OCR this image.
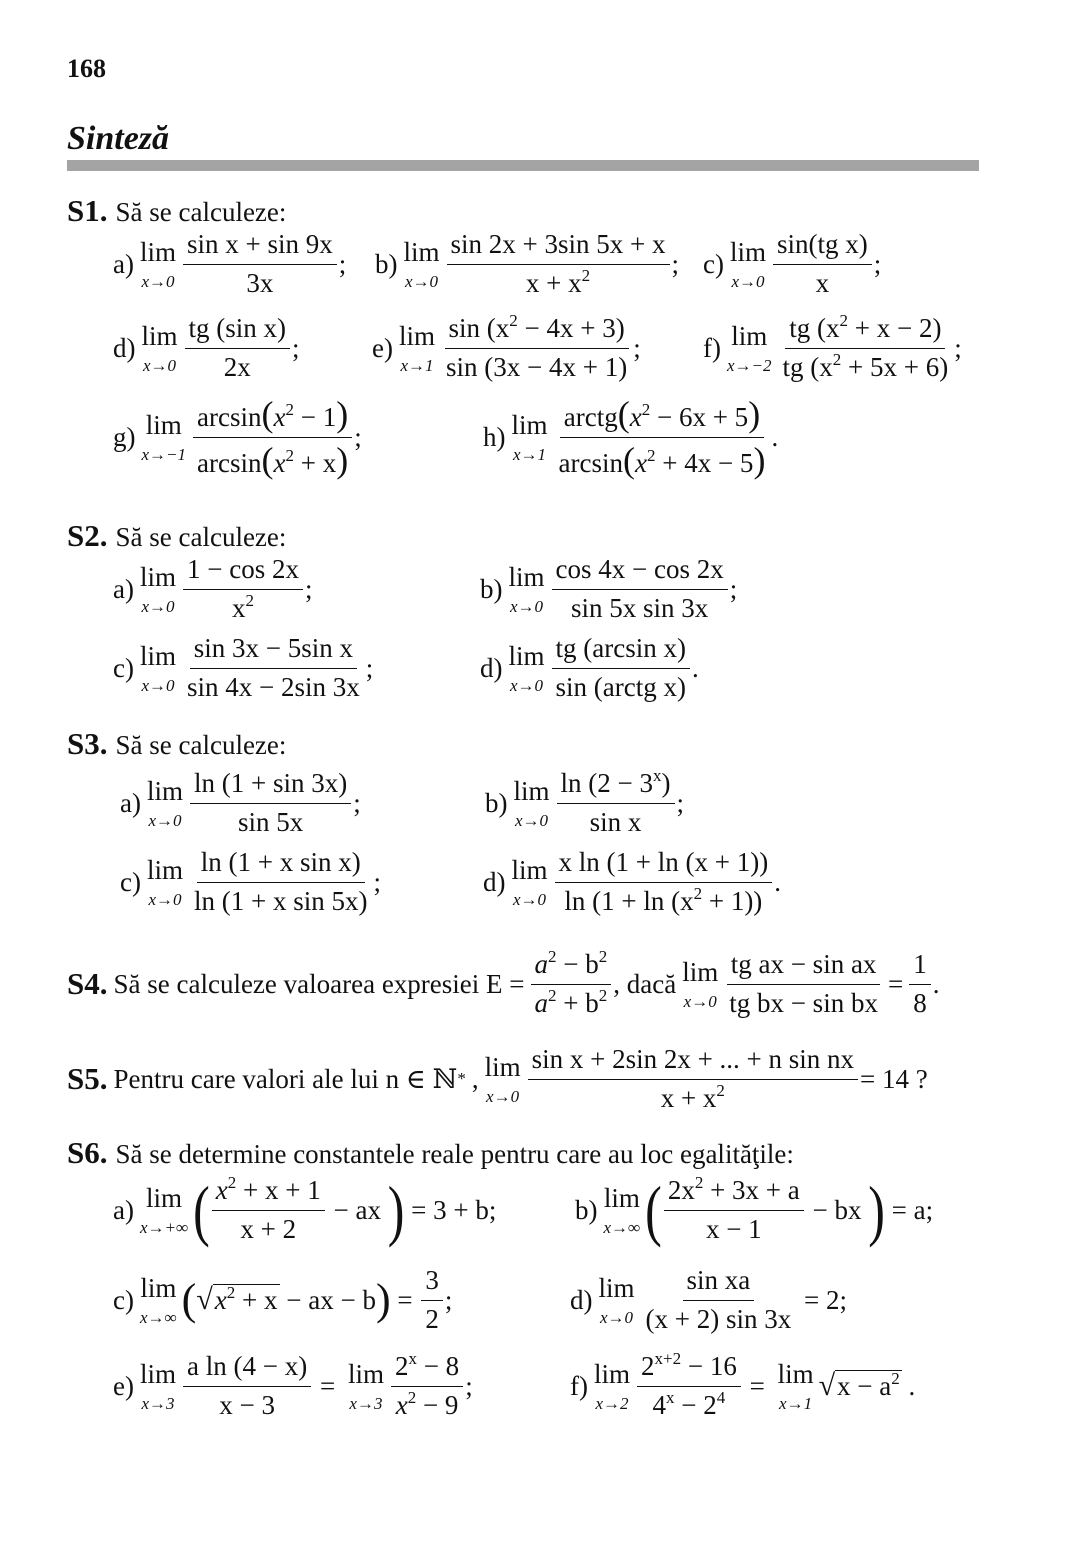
168
Sinteză
S1. Să se calculeze:
a) lim
x→0
sin x + sin 9x
3x
; b) lim
x→0
sin 2x + 3sin 5x + x
$x + x^2$	; c) lim
x→0
sin(tg x)
x
;
d) lim
x→0
tg (sin x)
2x
;	e) lim
x→1
$\sin (x^2 - 4x + 3)$
sin (3x − 4x + 1)
; f) lim
x→−2
tg $(x^2 + x - 2)$
tg $(x^2 + 5x + 6)$
;
g) lim
x→−1
$\arcsin(x^2 - 1)$
$\arcsin(x^2 + x)$
;	h) lim
x→1
$arctg(x^2 - 6x + 5)$
$\arcsin(x^2 + 4x - 5)$
.
S2. Să se calculeze:
a) lim
x→0
1 − cos 2x
$x^2$ ;	b) lim
x→0
cos 4x − cos 2x
sin 5x sin 3x
;
c) lim
x→0
sin 3x − 5sin x
sin 4x − 2sin 3x
;	d) lim
x→0
tg (arcsin x)
sin (arctg x)
.
S3. Să se calculeze:
a) lim
x→0
ln (1 + sin 3x)
sin 5x
;	b) lim
x→0
$\ln (2 - 3^x)$
sin x
;
c) lim
x→0
ln (1 + x sin x)
ln (1 + x sin 5x)
;	d) lim
x→0
x ln (1 + ln (x + 1))
$\ln (1 + \ln (x^2 + 1))$
.
S4. Să se calculeze valoarea expresiei $E = \frac{a^2 - b^2}{a^2 + b^2}$ , dacă lim
$x\to 0 \frac{\text{tg ax − sin ax}}{\text{tg bx − sin bx}} = \frac{1}{8}$ .
S5. Pentru care valori ale lui n ∈ ℕ * , lim
$x\to 0 \frac{\text{sin x + 2sin 2x + ... + n sin nx}}{x + x^2} = 14$ ?
S6. Să se determine constantele reale pentru care au loc egalităţile:
a) lim
x→+∞ ( $x^2 + x + 1$
x + 2
− ax ) = 3 + b;	b) lim
x→∞ ( $2x^2 + 3x + a$
x − 1
− bx ) = a;
c) lim
x→∞ ( √ $x^2 + x$ − ax − b ) = $\frac{3}{2}$ ;	d) lim
$x\to 0 \frac{\text{sin xa}}{(x + 2) \sin 3x} = 2$;
e) lim
$x\to 3 \frac{\text{a ln (4 − x)}}{x - 3} = \lim$
x→3
$2^x - 8$
$x^2 - 9$
;	f) lim
$x\to 2 \frac{2^{x+2} - 16}{4^x - 2^4} = \lim$
x→1
√ $x - a^2$ .
